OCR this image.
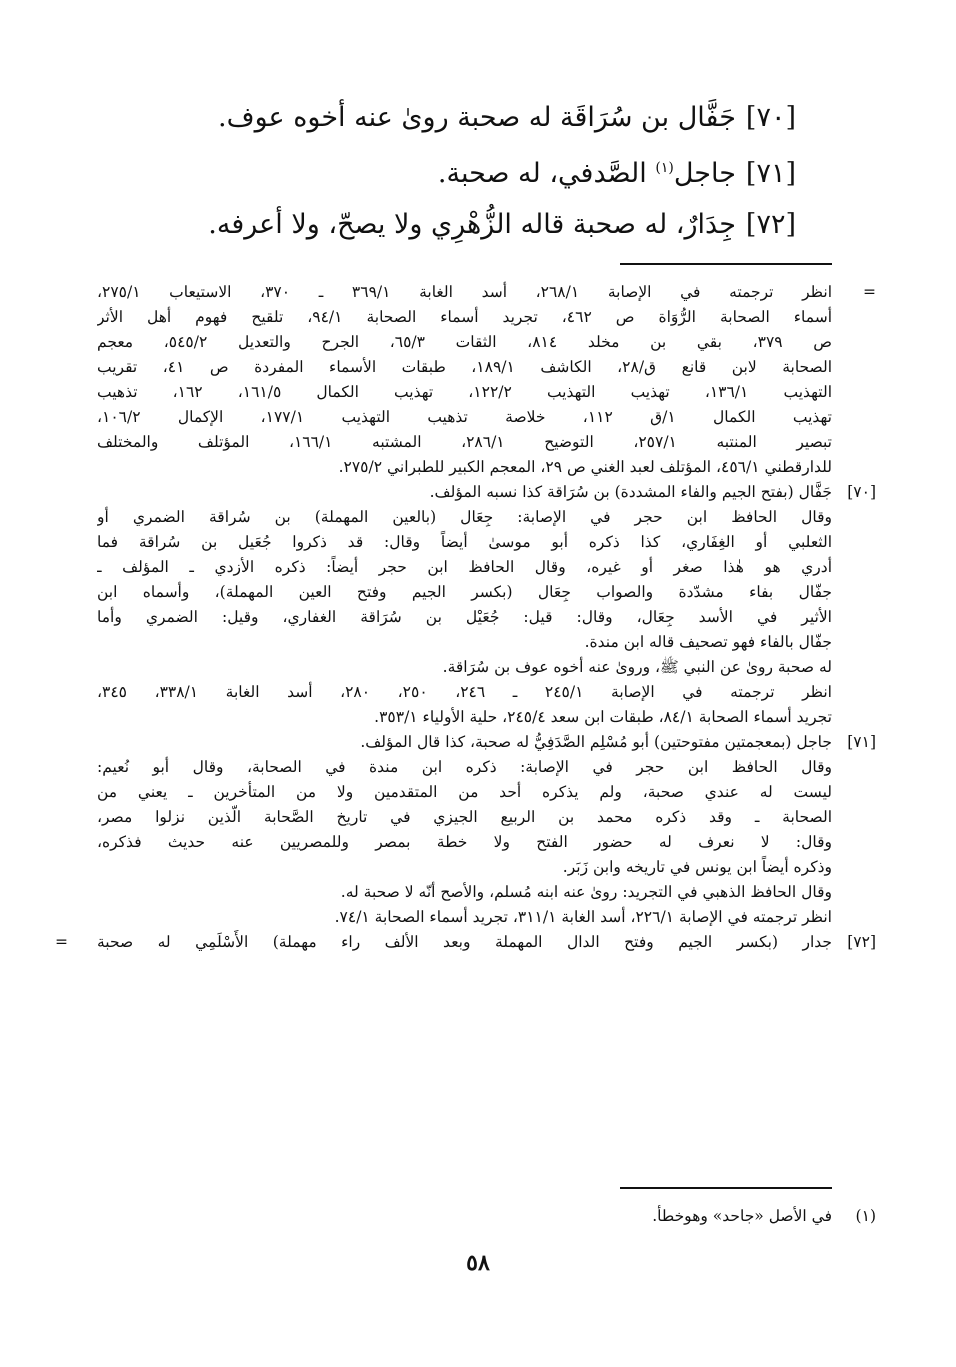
[٧٠]
جَفَّال بن سُرَاقَة له صحبة روىٰ عنه أخوه عوف.
[٧١]
جاجل$^{(١)}$ الصَّدفي، له صحبة.
[٧٢]
جِدَارٌ، له صحبة قاله الزُّهْرِي ولا يصحّ، ولا أعرفه.
=
انظر ترجمته في الإصابة ٢٦٨/١، أسد الغابة ٣٦٩/١ ـ ٣٧٠، الاستيعاب ٢٧٥/١،
أسماء الصحابة الرُّوَاة ص ٤٦٢، تجريد أسماء الصحابة ٩٤/١، تلقيح فهوم أهل الأثر
ص ٣٧٩، بقي بن مخلد ٨١٤، الثقات ٦٥/٣، الجرح والتعديل ٥٤٥/٢، معجم
الصحابة لابن قانع ق/٢٨، الكاشف ١٨٩/١، طبقات الأسماء المفردة ص ٤١، تقريب
التهذيب ١٣٦/١، تهذيب التهذيب ١٢٢/٢، تهذيب الكمال ١٦١/٥، ١٦٢، تذهيب
تهذيب الكمال ١/ق ١١٢، خلاصة تذهيب التهذيب ١٧٧/١، الإكمال ١٠٦/٢،
تبصير المنتبه ٢٥٧/١، التوضيح ٢٨٦/١، المشتبه ١٦٦/١، المؤتلف والمختلف
للدارقطني ٤٥٦/١، المؤتلف لعبد الغني ص ٢٩، المعجم الكبير للطبراني ٢٧٥/٢.
[٧٠]
جَفَّال (بفتح الجيم والفاء المشددة) بن سُرَاقة كذا نسبه المؤلف.
وقال الحافظ ابن حجر في الإصابة: جِعَال (بالعين المهملة) بن سُراقة الضمري أو
الثعلبي أو الغِفَاري، كذا ذكره أبو موسىٰ أيضاً وقال: قد ذكروا جُعَيل بن سُراقة فما
أدري هو هٰذا صغر أو غيره، وقال الحافظ ابن حجر أيضاً: ذكره الأزدي ـ المؤلف ـ
جفّال بفاء مشدّدة والصواب جِعَال (بكسر الجيم وفتح العين المهملة)، وأسماه ابن
الأثير في الأسد جِعَال، وقال: قيل: جُعَيْل بن سُرَاقة الغفاري، وقيل: الضمري وأما
جفّال بالفاء فهو تصحيف قاله ابن مندة.
له صحبة روىٰ عن النبي ﷺ، وروىٰ عنه أخوه عوف بن سُرَاقة.
انظر ترجمته في الإصابة ٢٤٥/١ ـ ٢٤٦، ٢٥٠، ٢٨٠، أسد الغابة ٣٣٨/١، ٣٤٥،
تجريد أسماء الصحابة ٨٤/١، طبقات ابن سعد ٢٤٥/٤، حلية الأولياء ٣٥٣/١.
[٧١]
جاجل (بمعجمتين مفتوحتين) أبو مُسْلِم الصَّدَفِيُّ له صحبة، كذا قال المؤلف.
وقال الحافظ ابن حجر في الإصابة: ذكره ابن مندة في الصحابة، وقال أبو نُعيم:
ليست له عندي صحبة، ولم يذكره أحد من المتقدمين ولا من المتأخرين ـ يعني من
الصحابة ـ وقد ذكره محمد بن الربيع الجيزي في تاريخ الصَّحابة الَّذين نزلوا مصر،
وقال: لا نعرف له حضور الفتح ولا خطة بمصر وللمصريين عنه حديث فذكره،
وذكره أيضاً ابن يونس في تاريخه وابن زَبَر.
وقال الحافظ الذهبي في التجريد: روىٰ عنه ابنه مُسلم، والأصح أنّه لا صحبة له.
انظر ترجمته في الإصابة ٢٢٦/١، أسد الغابة ٣١١/١، تجريد أسماء الصحابة ٧٤/١.
[٧٢]
جدار (بكسر الجيم وفتح الدال المهملة وبعد الألف راء مهملة) الأَسْلَمِي له صحبة
=
(١)
في الأصل «جاحد» وهوخطأ.
٥٨
